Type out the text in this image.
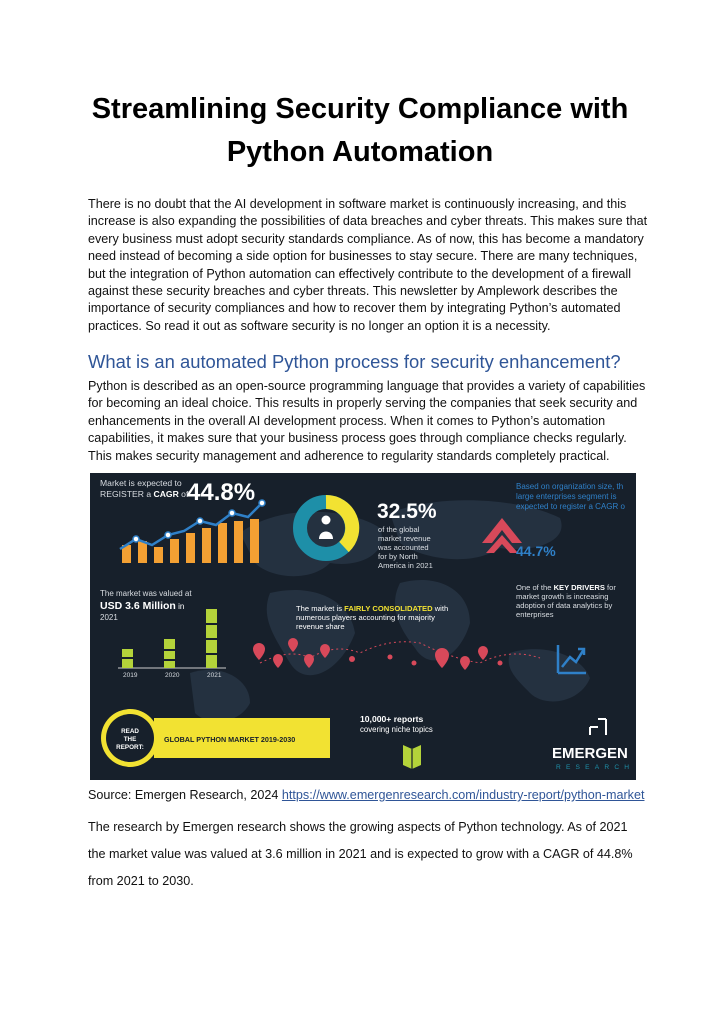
Streamlining Security Compliance with
Python Automation

There is no doubt that the AI development in software market is continuously increasing, and this increase is also expanding the possibilities of data breaches and cyber threats. This makes sure that every business must adopt security standards compliance. As of now, this has become a mandatory need instead of becoming a side option for businesses to stay secure. There are many techniques, but the integration of Python automation can effectively contribute to the development of a firewall against these security breaches and cyber threats. This newsletter by Amplework describes the importance of security compliances and how to recover them by integrating Python’s automated practices. So read it out as software security is no longer an option it is a necessity.

What is an automated Python process for security enhancement?

Python is described as an open-source programming language that provides a variety of capabilities for becoming an ideal choice. This results in properly serving the companies that seek security and enhancements in the overall AI development process. When it comes to Python’s automation capabilities, it makes sure that your business process goes through compliance checks regularly. This makes security management and adherence to regularity standards completely practical.

Market is expected to
REGISTER a CAGR of
44.8%
32.5%
of the global
market revenue
was accounted
for by North
America in 2021
Based on organization size, th
large enterprises segment is
expected to register a CAGR o
44.7%
The market was valued at
USD 3.6 Million in
2021
2019	2020	2021
The market is FAIRLY CONSOLIDATED with
numerous players accounting for majority
revenue share
One of the KEY DRIVERS for
market growth is increasing
adoption of data analytics by
enterprises
READ
THE
REPORT:
GLOBAL PYTHON MARKET 2019-2030
10,000+ reports
covering niche topics
EMERGEN
RESEARCH

Source: Emergen Research, 2024 https://www.emergenresearch.com/industry-report/python-market

The research by Emergen research shows the growing aspects of Python technology. As of 2021 the market value was valued at 3.6 million in 2021 and is expected to grow with a CAGR of 44.8% from 2021 to 2030.
